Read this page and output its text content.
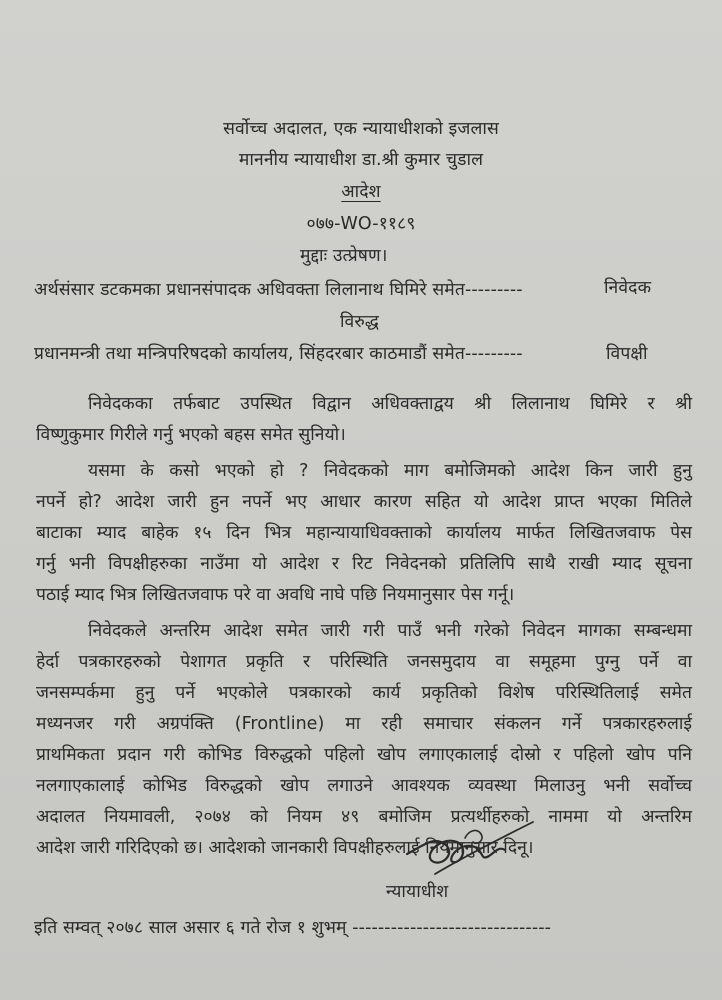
सर्वोच्च अदालत, एक न्यायाधीशको इजलास
माननीय न्यायाधीश डा.श्री कुमार चुडाल
आदेश
०७७-WO-११८९
मुद्दाः उत्प्रेषण।
अर्थसंसार डटकमका प्रधानसंपादक अधिवक्ता लिलानाथ घिमिरे समेत---------	निवेदक
विरुद्ध
प्रधानमन्त्री तथा मन्त्रिपरिषदको कार्यालय, सिंहदरबार काठमाडौं समेत---------	विपक्षी
निवेदकका तर्फबाट उपस्थित विद्वान अधिवक्ताद्वय श्री लिलानाथ घिमिरे र श्री
विष्णुकुमार गिरीले गर्नु भएको बहस समेत सुनियो।
यसमा के कसो भएको हो ? निवेदकको माग बमोजिमको आदेश किन जारी हुनु
नपर्ने हो? आदेश जारी हुन नपर्ने भए आधार कारण सहित यो आदेश प्राप्त भएका मितिले
बाटाका म्याद बाहेक १५ दिन भित्र महान्यायाधिवक्ताको कार्यालय मार्फत लिखितजवाफ पेस
गर्नु भनी विपक्षीहरुका नाउँमा यो आदेश र रिट निवेदनको प्रतिलिपि साथै राखी म्याद सूचना
पठाई म्याद भित्र लिखितजवाफ परे वा अवधि नाघे पछि नियमानुसार पेस गर्नू।
निवेदकले अन्तरिम आदेश समेत जारी गरी पाउँ भनी गरेको निवेदन मागका सम्बन्धमा
हेर्दा पत्रकारहरुको पेशागत प्रकृति र परिस्थिति जनसमुदाय वा समूहमा पुग्नु पर्ने वा
जनसम्पर्कमा हुनु पर्ने भएकोले पत्रकारको कार्य प्रकृतिको विशेष परिस्थितिलाई समेत
मध्यनजर गरी अग्रपंक्ति (Frontline) मा रही समाचार संकलन गर्ने पत्रकारहरुलाई
प्राथमिकता प्रदान गरी कोभिड विरुद्धको पहिलो खोप लगाएकालाई दोस्रो र पहिलो खोप पनि
नलगाएकालाई कोभिड विरुद्धको खोप लगाउने आवश्यक व्यवस्था मिलाउनु भनी सर्वोच्च
अदालत नियमावली, २०७४ को नियम ४९ बमोजिम प्रत्यर्थीहरुको नाममा यो अन्तरिम
आदेश जारी गरिदिएको छ। आदेशको जानकारी विपक्षीहरुलाई नियमानुसार दिनू।
न्यायाधीश
इति सम्वत् २०७८ साल असार ६ गते रोज १ शुभम् -------------------------------
